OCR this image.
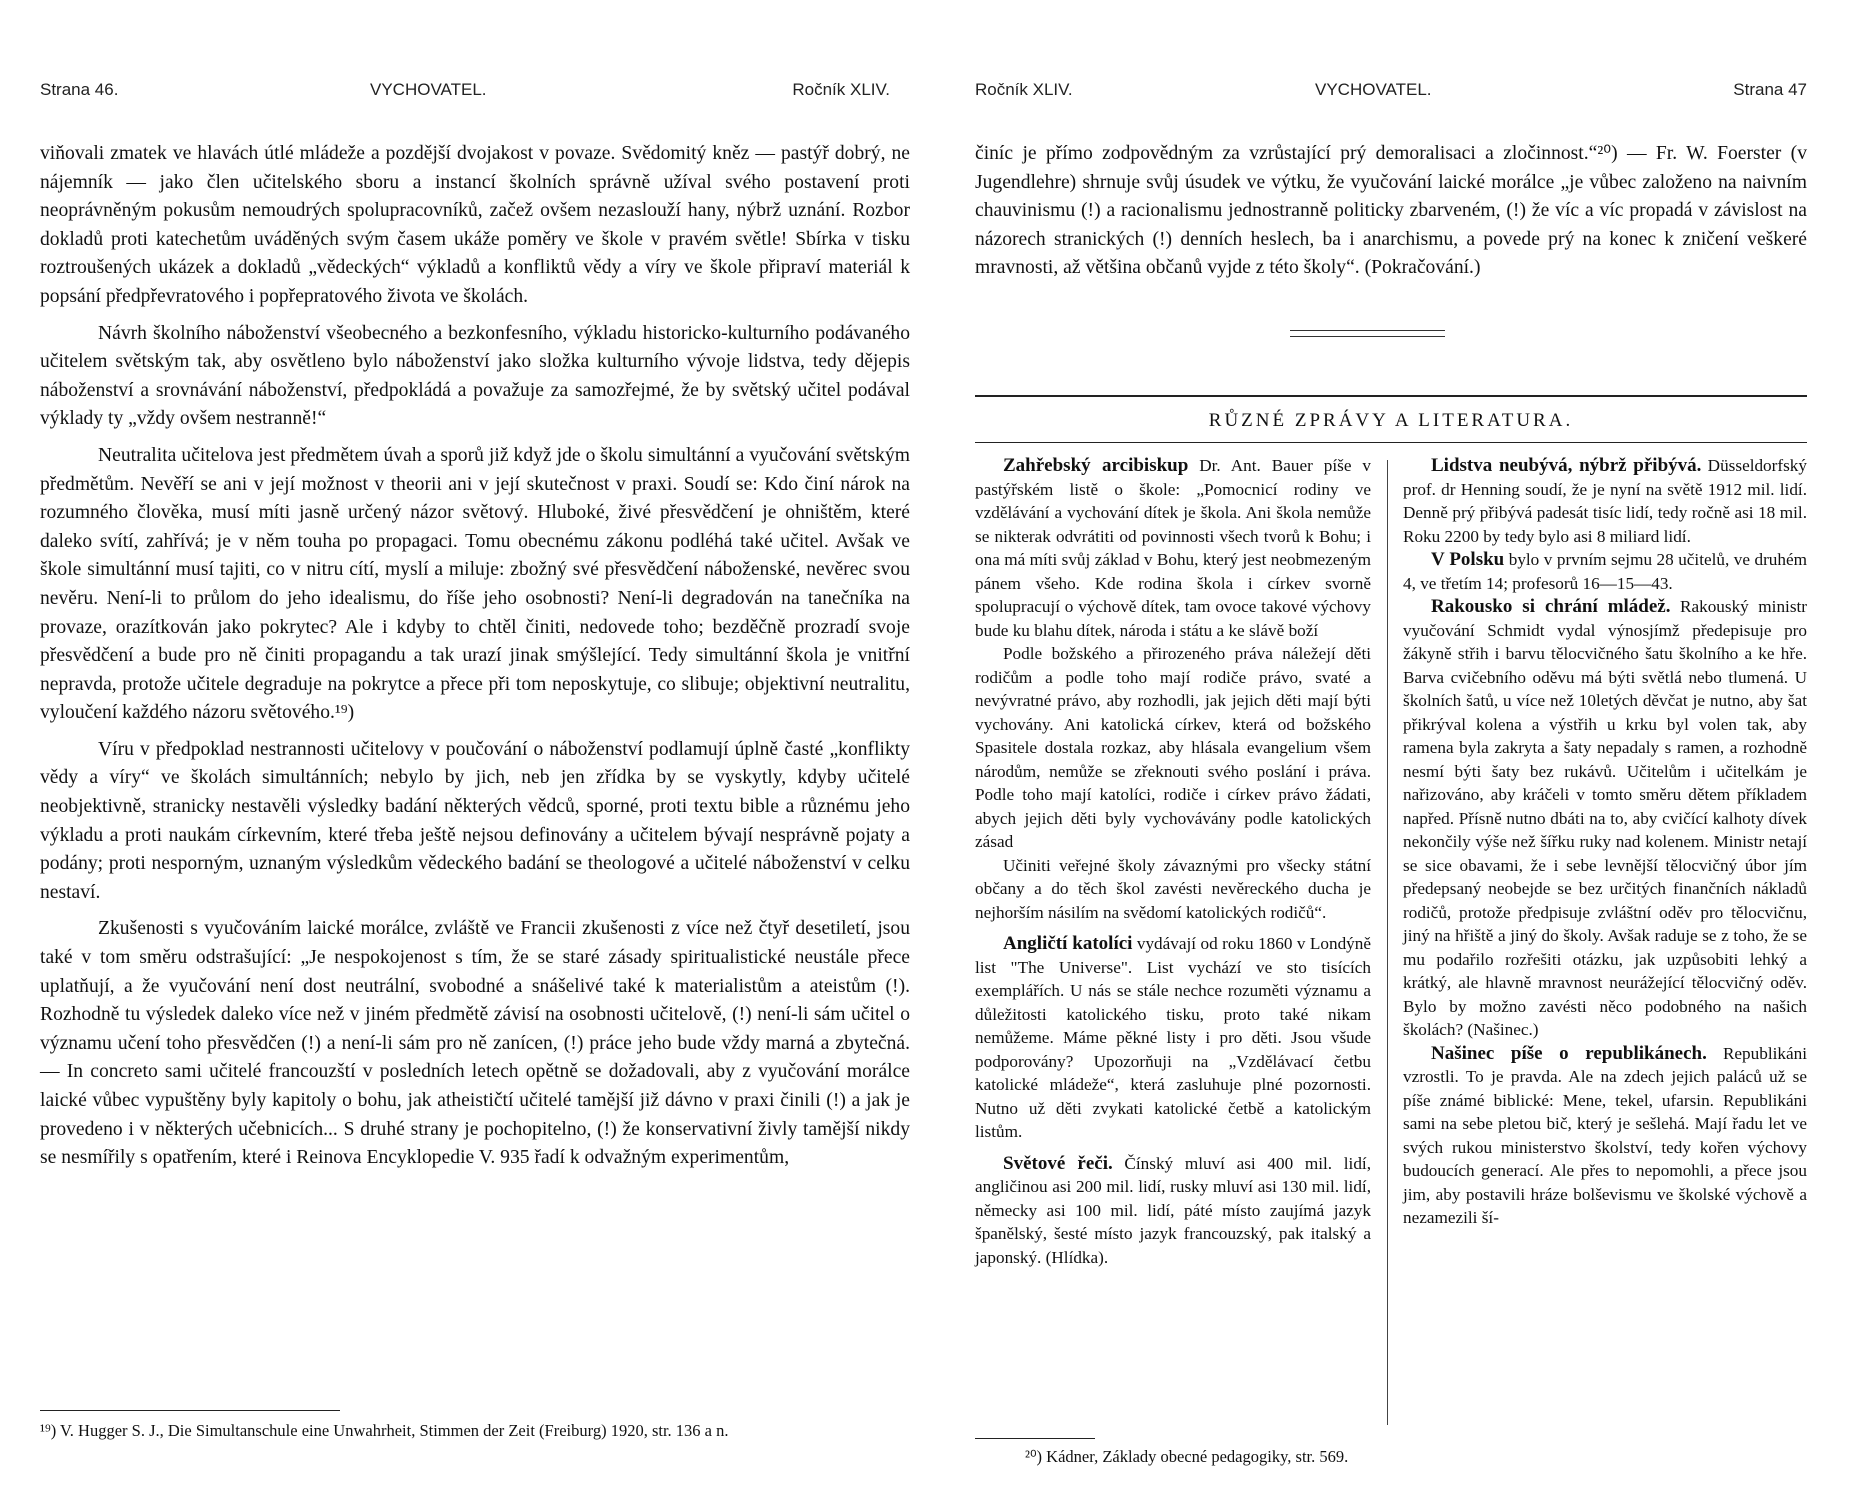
Strana 46.	VYCHOVATEL.	Ročník XLIV.

viňovali zmatek ve hlavách útlé mládeže a pozdější dvojakost v povaze. Svědomitý kněz — pastýř dobrý, ne nájemník — jako člen učitelského sboru a instancí školních správně užíval svého postavení proti neoprávněným pokusům nemoudrých spolupracovníků, začež ovšem nezaslouží hany, nýbrž uznání. Rozbor dokladů proti katechetům uváděných svým časem ukáže poměry ve škole v pravém světle! Sbírka v tisku roztroušených ukázek a dokladů „vědeckých“ výkladů a konfliktů vědy a víry ve škole připraví materiál k popsání předpřevratového i popřepratového života ve školách.

Návrh školního náboženství všeobecného a bezkonfesního, výkladu historicko-kulturního podávaného učitelem světským tak, aby osvětleno bylo náboženství jako složka kulturního vývoje lidstva, tedy dějepis náboženství a srovnávání náboženství, předpokládá a považuje za samozřejmé, že by světský učitel podával výklady ty „vždy ovšem nestranně!“

Neutralita učitelova jest předmětem úvah a sporů již když jde o školu simultánní a vyučování světským předmětům. Nevěří se ani v její možnost v theorii ani v její skutečnost v praxi. Soudí se: Kdo činí nárok na rozumného člověka, musí míti jasně určený názor světový. Hluboké, živé přesvědčení je ohništěm, které daleko svítí, zahřívá; je v něm touha po propagaci. Tomu obecnému zákonu podléhá také učitel. Avšak ve škole simultánní musí tajiti, co v nitru cítí, myslí a miluje: zbožný své přesvědčení náboženské, nevěrec svou nevěru. Není-li to průlom do jeho idealismu, do říše jeho osobnosti? Není-li degradován na tanečníka na provaze, orazítkován jako pokrytec? Ale i kdyby to chtěl činiti, nedovede toho; bezděčně prozradí svoje přesvědčení a bude pro ně činiti propagandu a tak urazí jinak smýšlející. Tedy simultánní škola je vnitřní nepravda, protože učitele degraduje na pokrytce a přece při tom neposkytuje, co slibuje; objektivní neutralitu, vyloučení každého názoru světového.¹⁹)

Víru v předpoklad nestrannosti učitelovy v poučování o náboženství podlamují úplně časté „konflikty vědy a víry“ ve školách simultánních; nebylo by jich, neb jen zřídka by se vyskytly, kdyby učitelé neobjektivně, stranicky nestavěli výsledky badání některých vědců, sporné, proti textu bible a různému jeho výkladu a proti naukám církevním, které třeba ještě nejsou definovány a učitelem bývají nesprávně pojaty a podány; proti nesporným, uznaným výsledkům vědeckého badání se theologové a učitelé náboženství v celku nestaví.

Zkušenosti s vyučováním laické morálce, zvláště ve Francii zkušenosti z více než čtyř desetiletí, jsou také v tom směru odstrašující: „Je nespokojenost s tím, že se staré zásady spiritualistické neustále přece uplatňují, a že vyučování není dost neutrální, svobodné a snášelivé také k materialistům a ateistům (!). Rozhodně tu výsledek daleko více než v jiném předmětě závisí na osobnosti učitelově, (!) není-li sám učitel o významu učení toho přesvědčen (!) a není-li sám pro ně zanícen, (!) práce jeho bude vždy marná a zbytečná. — In concreto sami učitelé francouzští v posledních letech opětně se dožadovali, aby z vyučování morálce laické vůbec vypuštěny byly kapitoly o bohu, jak atheističtí učitelé tamější již dávno v praxi činili (!) a jak je provedeno i v některých učebnicích... S druhé strany je pochopitelno, (!) že konservativní živly tamější nikdy se nesmířily s opatřením, které i Reinova Encyklopedie V. 935 řadí k odvažným experimentům,

¹⁹) V. Hugger S. J., Die Simultanschule eine Unwahrheit, Stimmen der Zeit (Freiburg) 1920, str. 136 a n.
Ročník XLIV.	VYCHOVATEL.	Strana 47

činíc je přímo zodpovědným za vzrůstající prý demoralisaci a zločinnost.“²⁰) — Fr. W. Foerster (v Jugendlehre) shrnuje svůj úsudek ve výtku, že vyučování laické morálce „je vůbec založeno na naivním chauvinismu (!) a racionalismu jednostranně politicky zbarveném, (!) že víc a víc propadá v závislost na názorech stranických (!) denních heslech, ba i anarchismu, a povede prý na konec k zničení veškeré mravnosti, až většina občanů vyjde z této školy“. (Pokračování.)

RŮZNÉ ZPRÁVY A LITERATURA.

Zahřebský arcibiskup Dr. Ant. Bauer píše v pastýřském listě o škole: „Pomocnicí rodiny ve vzdělávání a vychování dítek je škola. Ani škola nemůže se nikterak odvrátiti od povinnosti všech tvorů k Bohu; i ona má míti svůj základ v Bohu, který jest neobmezeným pánem všeho. Kde rodina škola i církev svorně spolupracují o výchově dítek, tam ovoce takové výchovy bude ku blahu dítek, národa i státu a ke slávě boží

Podle božského a přirozeného práva náležejí děti rodičům a podle toho mají rodiče právo, svaté a nevývratné právo, aby rozhodli, jak jejich děti mají býti vychovány. Ani katolická církev, která od božského Spasitele dostala rozkaz, aby hlásala evangelium všem národům, nemůže se zřeknouti svého poslání i práva. Podle toho mají katolíci, rodiče i církev právo žádati, abych jejich děti byly vychovávány podle katolických zásad

Učiniti veřejné školy závaznými pro všecky státní občany a do těch škol zavésti nevěreckého ducha je nejhorším násilím na svědomí katolických rodičů“.

Angličtí katolíci vydávají od roku 1860 v Londýně list "The Universe". List vychází ve sto tisících exemplářích. U nás se stále nechce rozuměti významu a důležitosti katolického tisku, proto také nikam nemůžeme. Máme pěkné listy i pro děti. Jsou všude podporovány? Upozorňuji na „Vzdělávací četbu katolické mládeže“, která zasluhuje plné pozornosti. Nutno už děti zvykati katolické četbě a katolickým listům.

Světové řeči. Čínský mluví asi 400 mil. lidí, angličinou asi 200 mil. lidí, rusky mluví asi 130 mil. lidí, německy asi 100 mil. lidí, páté místo zaujímá jazyk španělský, šesté místo jazyk francouzský, pak italský a japonský. (Hlídka).

Lidstva neubývá, nýbrž přibývá. Düsseldorfský prof. dr Henning soudí, že je nyní na světě 1912 mil. lidí. Denně prý přibývá padesát tisíc lidí, tedy ročně asi 18 mil. Roku 2200 by tedy bylo asi 8 miliard lidí.

V Polsku bylo v prvním sejmu 28 učitelů, ve druhém 4, ve třetím 14; profesorů 16—15—43.

Rakousko si chrání mládež. Rakouský ministr vyučování Schmidt vydal výnosjímž předepisuje pro žákyně střih i barvu tělocvičného šatu školního a ke hře. Barva cvičebního oděvu má býti světlá nebo tlumená. U školních šatů, u více než 10letých děvčat je nutno, aby šat přikrýval kolena a výstřih u krku byl volen tak, aby ramena byla zakryta a šaty nepadaly s ramen, a rozhodně nesmí býti šaty bez rukávů. Učitelům i učitelkám je nařizováno, aby kráčeli v tomto směru dětem příkladem napřed. Přísně nutno dbáti na to, aby cvičící kalhoty dívek nekončily výše než šířku ruky nad kolenem. Ministr netají se sice obavami, že i sebe levnější tělocvičný úbor jím předepsaný neobejde se bez určitých finančních nákladů rodičů, protože předpisuje zvláštní oděv pro tělocvičnu, jiný na hřiště a jiný do školy. Avšak raduje se z toho, že se mu podařilo rozřešiti otázku, jak uzpůsobiti lehký a krátký, ale hlavně mravnost neurážející tělocvičný oděv. Bylo by možno zavésti něco podobného na našich školách? (Našinec.)

Našinec píše o republikánech. Republikáni vzrostli. To je pravda. Ale na zdech jejich paláců už se píše známé biblické: Mene, tekel, ufarsin. Republikáni sami na sebe pletou bič, který je sešlehá. Mají řadu let ve svých rukou ministerstvo školství, tedy kořen výchovy budoucích generací. Ale přes to nepomohli, a přece jsou jim, aby postavili hráze bolševismu ve školské výchově a nezamezili ší-

²⁰) Kádner, Základy obecné pedagogiky, str. 569.
